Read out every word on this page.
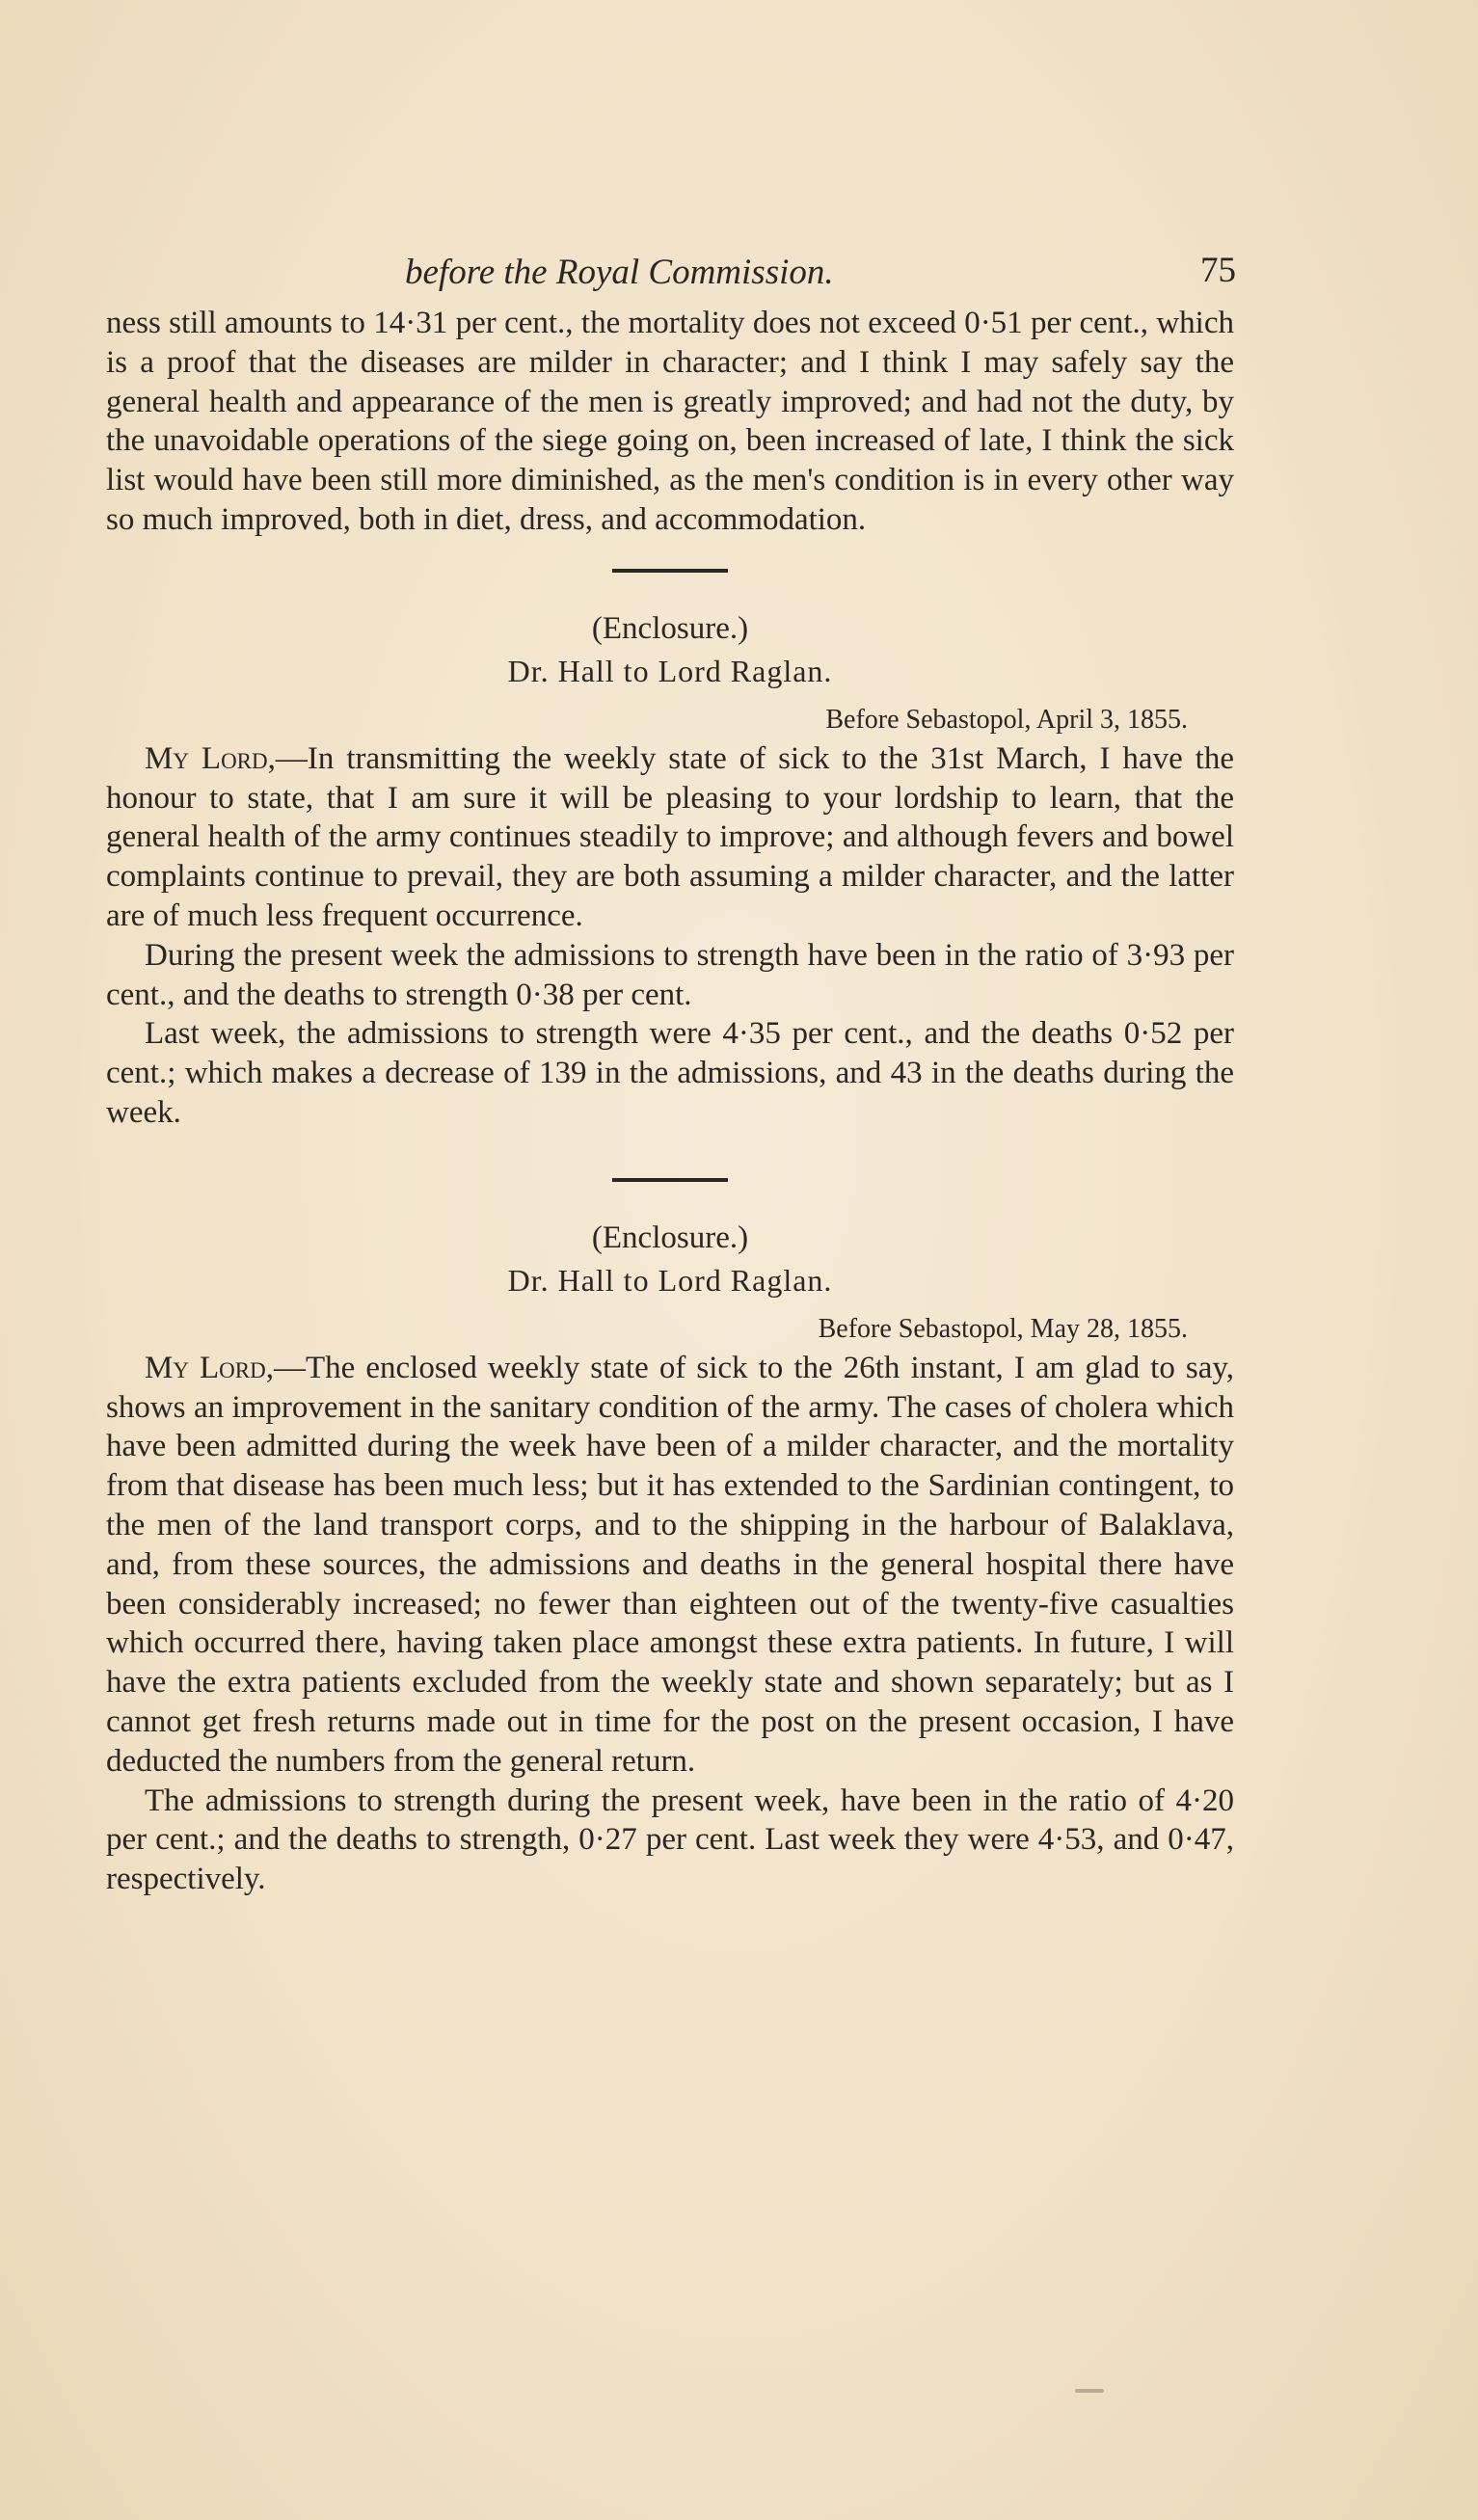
before the Royal Commission.	75

ness still amounts to 14·31 per cent., the mortality does not exceed 0·51 per cent., which is a proof that the diseases are milder in character; and I think I may safely say the general health and appearance of the men is greatly improved; and had not the duty, by the unavoidable operations of the siege going on, been increased of late, I think the sick list would have been still more diminished, as the men's condition is in every other way so much improved, both in diet, dress, and accommodation.

(Enclosure.)
Dr. Hall to Lord Raglan.
Before Sebastopol, April 3, 1855.

My Lord,—In transmitting the weekly state of sick to the 31st March, I have the honour to state, that I am sure it will be pleasing to your lordship to learn, that the general health of the army continues steadily to improve; and although fevers and bowel complaints continue to prevail, they are both assuming a milder character, and the latter are of much less frequent occurrence.

During the present week the admissions to strength have been in the ratio of 3·93 per cent., and the deaths to strength 0·38 per cent.

Last week, the admissions to strength were 4·35 per cent., and the deaths 0·52 per cent.; which makes a decrease of 139 in the admissions, and 43 in the deaths during the week.

(Enclosure.)
Dr. Hall to Lord Raglan.
Before Sebastopol, May 28, 1855.

My Lord,—The enclosed weekly state of sick to the 26th instant, I am glad to say, shows an improvement in the sanitary condition of the army. The cases of cholera which have been admitted during the week have been of a milder character, and the mortality from that disease has been much less; but it has extended to the Sardinian contingent, to the men of the land transport corps, and to the shipping in the harbour of Balaklava, and, from these sources, the admissions and deaths in the general hospital there have been considerably increased; no fewer than eighteen out of the twenty-five casualties which occurred there, having taken place amongst these extra patients. In future, I will have the extra patients excluded from the weekly state and shown separately; but as I cannot get fresh returns made out in time for the post on the present occasion, I have deducted the numbers from the general return.

The admissions to strength during the present week, have been in the ratio of 4·20 per cent.; and the deaths to strength, 0·27 per cent. Last week they were 4·53, and 0·47, respectively.
